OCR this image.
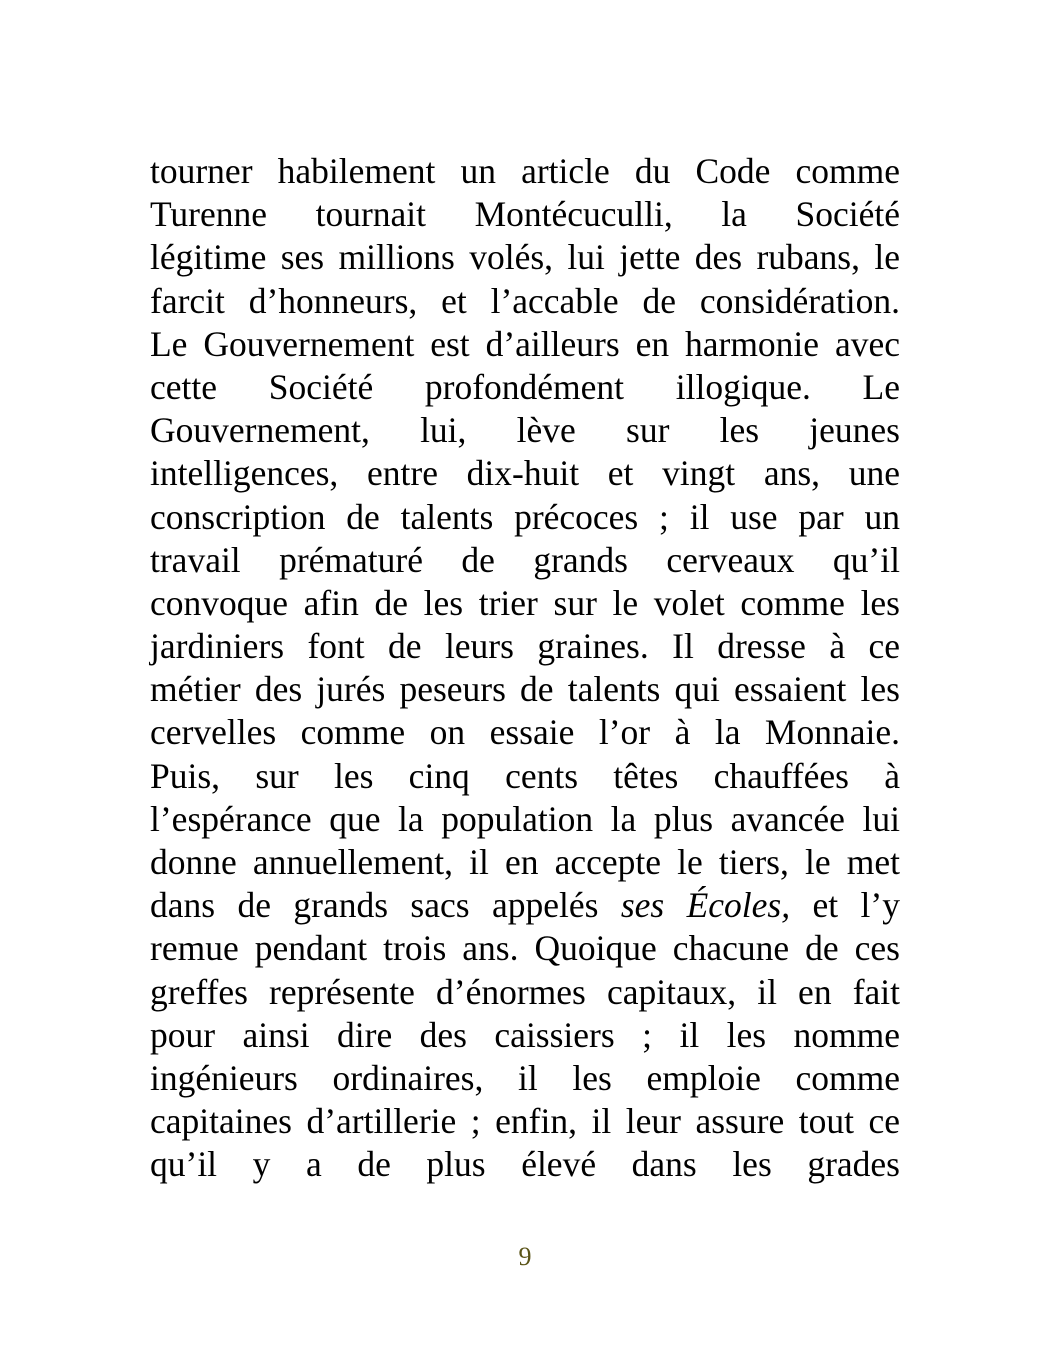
tourner habilement un article du Code comme
Turenne tournait Montécuculli, la Société
légitime ses millions volés, lui jette des rubans, le
farcit d’honneurs, et l’accable de considération.
Le Gouvernement est d’ailleurs en harmonie avec
cette Société profondément illogique. Le
Gouvernement, lui, lève sur les jeunes
intelligences, entre dix-huit et vingt ans, une
conscription de talents précoces ; il use par un
travail prématuré de grands cerveaux qu’il
convoque afin de les trier sur le volet comme les
jardiniers font de leurs graines. Il dresse à ce
métier des jurés peseurs de talents qui essaient les
cervelles comme on essaie l’or à la Monnaie.
Puis, sur les cinq cents têtes chauffées à
l’espérance que la population la plus avancée lui
donne annuellement, il en accepte le tiers, le met
dans de grands sacs appelés ses Écoles, et l’y
remue pendant trois ans. Quoique chacune de ces
greffes représente d’énormes capitaux, il en fait
pour ainsi dire des caissiers ; il les nomme
ingénieurs ordinaires, il les emploie comme
capitaines d’artillerie ; enfin, il leur assure tout ce
qu’il y a de plus élevé dans les grades
9
